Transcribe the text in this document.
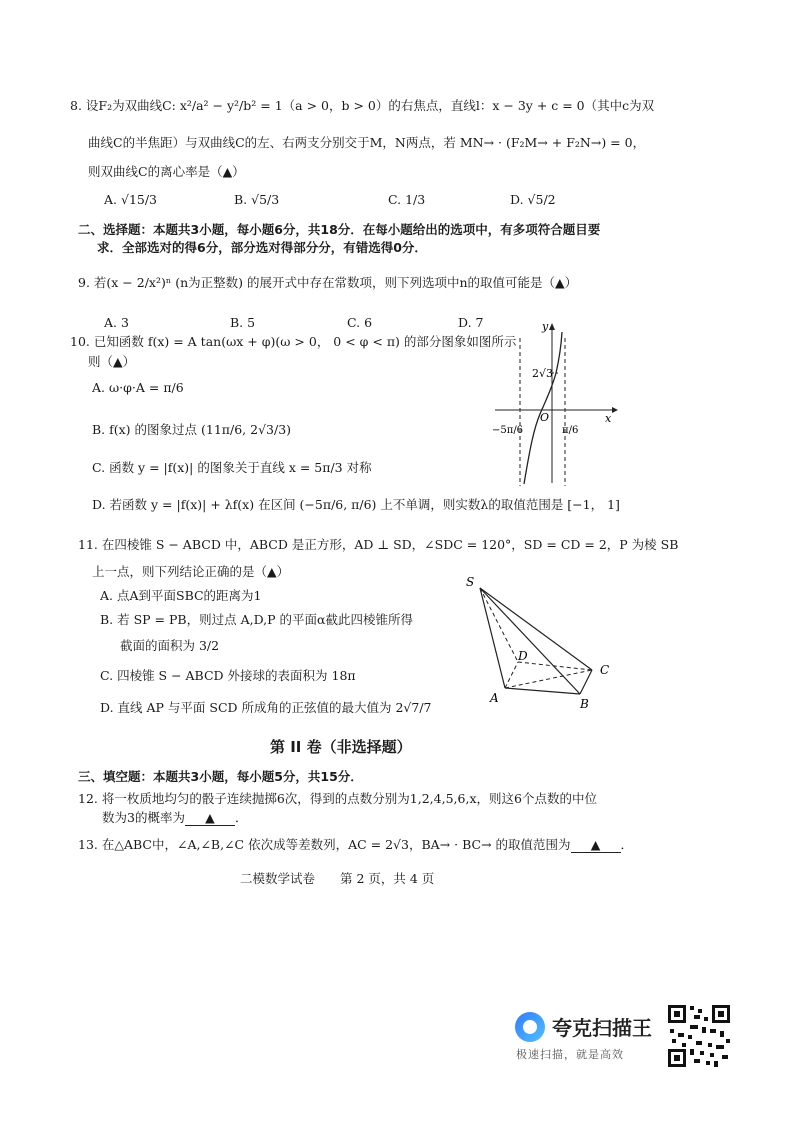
8. 设F₂为双曲线C: x²/a² − y²/b² = 1（a > 0，b > 0）的右焦点，直线l：x − 3y + c = 0（其中c为双
曲线C的半焦距）与双曲线C的左、右两支分别交于M，N两点，若 MN→ · (F₂M→ + F₂N→) = 0，
则双曲线C的离心率是（▲）
A. √15/3	B. √5/3	C. 1/3	D. √5/2
二、选择题：本题共3小题，每小题6分，共18分．在每小题给出的选项中，有多项符合题目要
求．全部选对的得6分，部分选对得部分分，有错选得0分．
9. 若(x − 2/x²)ⁿ (n为正整数) 的展开式中存在常数项，则下列选项中n的取值可能是（▲）
A. 3	B. 5	C. 6	D. 7
10. 已知函数 f(x) = A tan(ωx + φ)(ω > 0， 0 < φ < π) 的部分图象如图所示
则（▲）
A. ω·φ·A = π/6
B. f(x) 的图象过点 (11π/6, 2√3/3)
C. 函数 y = |f(x)| 的图象关于直线 x = 5π/3 对称
D. 若函数 y = |f(x)| + λf(x) 在区间 (−5π/6, π/6) 上不单调，则实数λ的取值范围是 [−1， 1]
y
x
2√3
O
−5π/6	π/6
11. 在四棱锥 S − ABCD 中，ABCD 是正方形，AD ⊥ SD，∠SDC = 120°，SD = CD = 2，P 为棱 SB
上一点，则下列结论正确的是（▲）
A. 点A到平面SBC的距离为1
B. 若 SP = PB，则过点 A,D,P 的平面α截此四棱锥所得
截面的面积为 3/2
C. 四棱锥 S − ABCD 外接球的表面积为 18π
D. 直线 AP 与平面 SCD 所成角的正弦值的最大值为 2√7/7
S
D
C
A	B
第 II 卷（非选择题）
三、填空题：本题共3小题，每小题5分，共15分．
12. 将一枚质地均匀的骰子连续抛掷6次，得到的点数分别为1,2,4,5,6,x，则这6个点数的中位
数为3的概率为 ▲ ．
13. 在△ABC中，∠A,∠B,∠C 依次成等差数列，AC = 2√3，BA→ · BC→ 的取值范围为 ▲ ．
二模数学试卷　　第 2 页，共 4 页
夸克扫描王
极速扫描，就是高效
